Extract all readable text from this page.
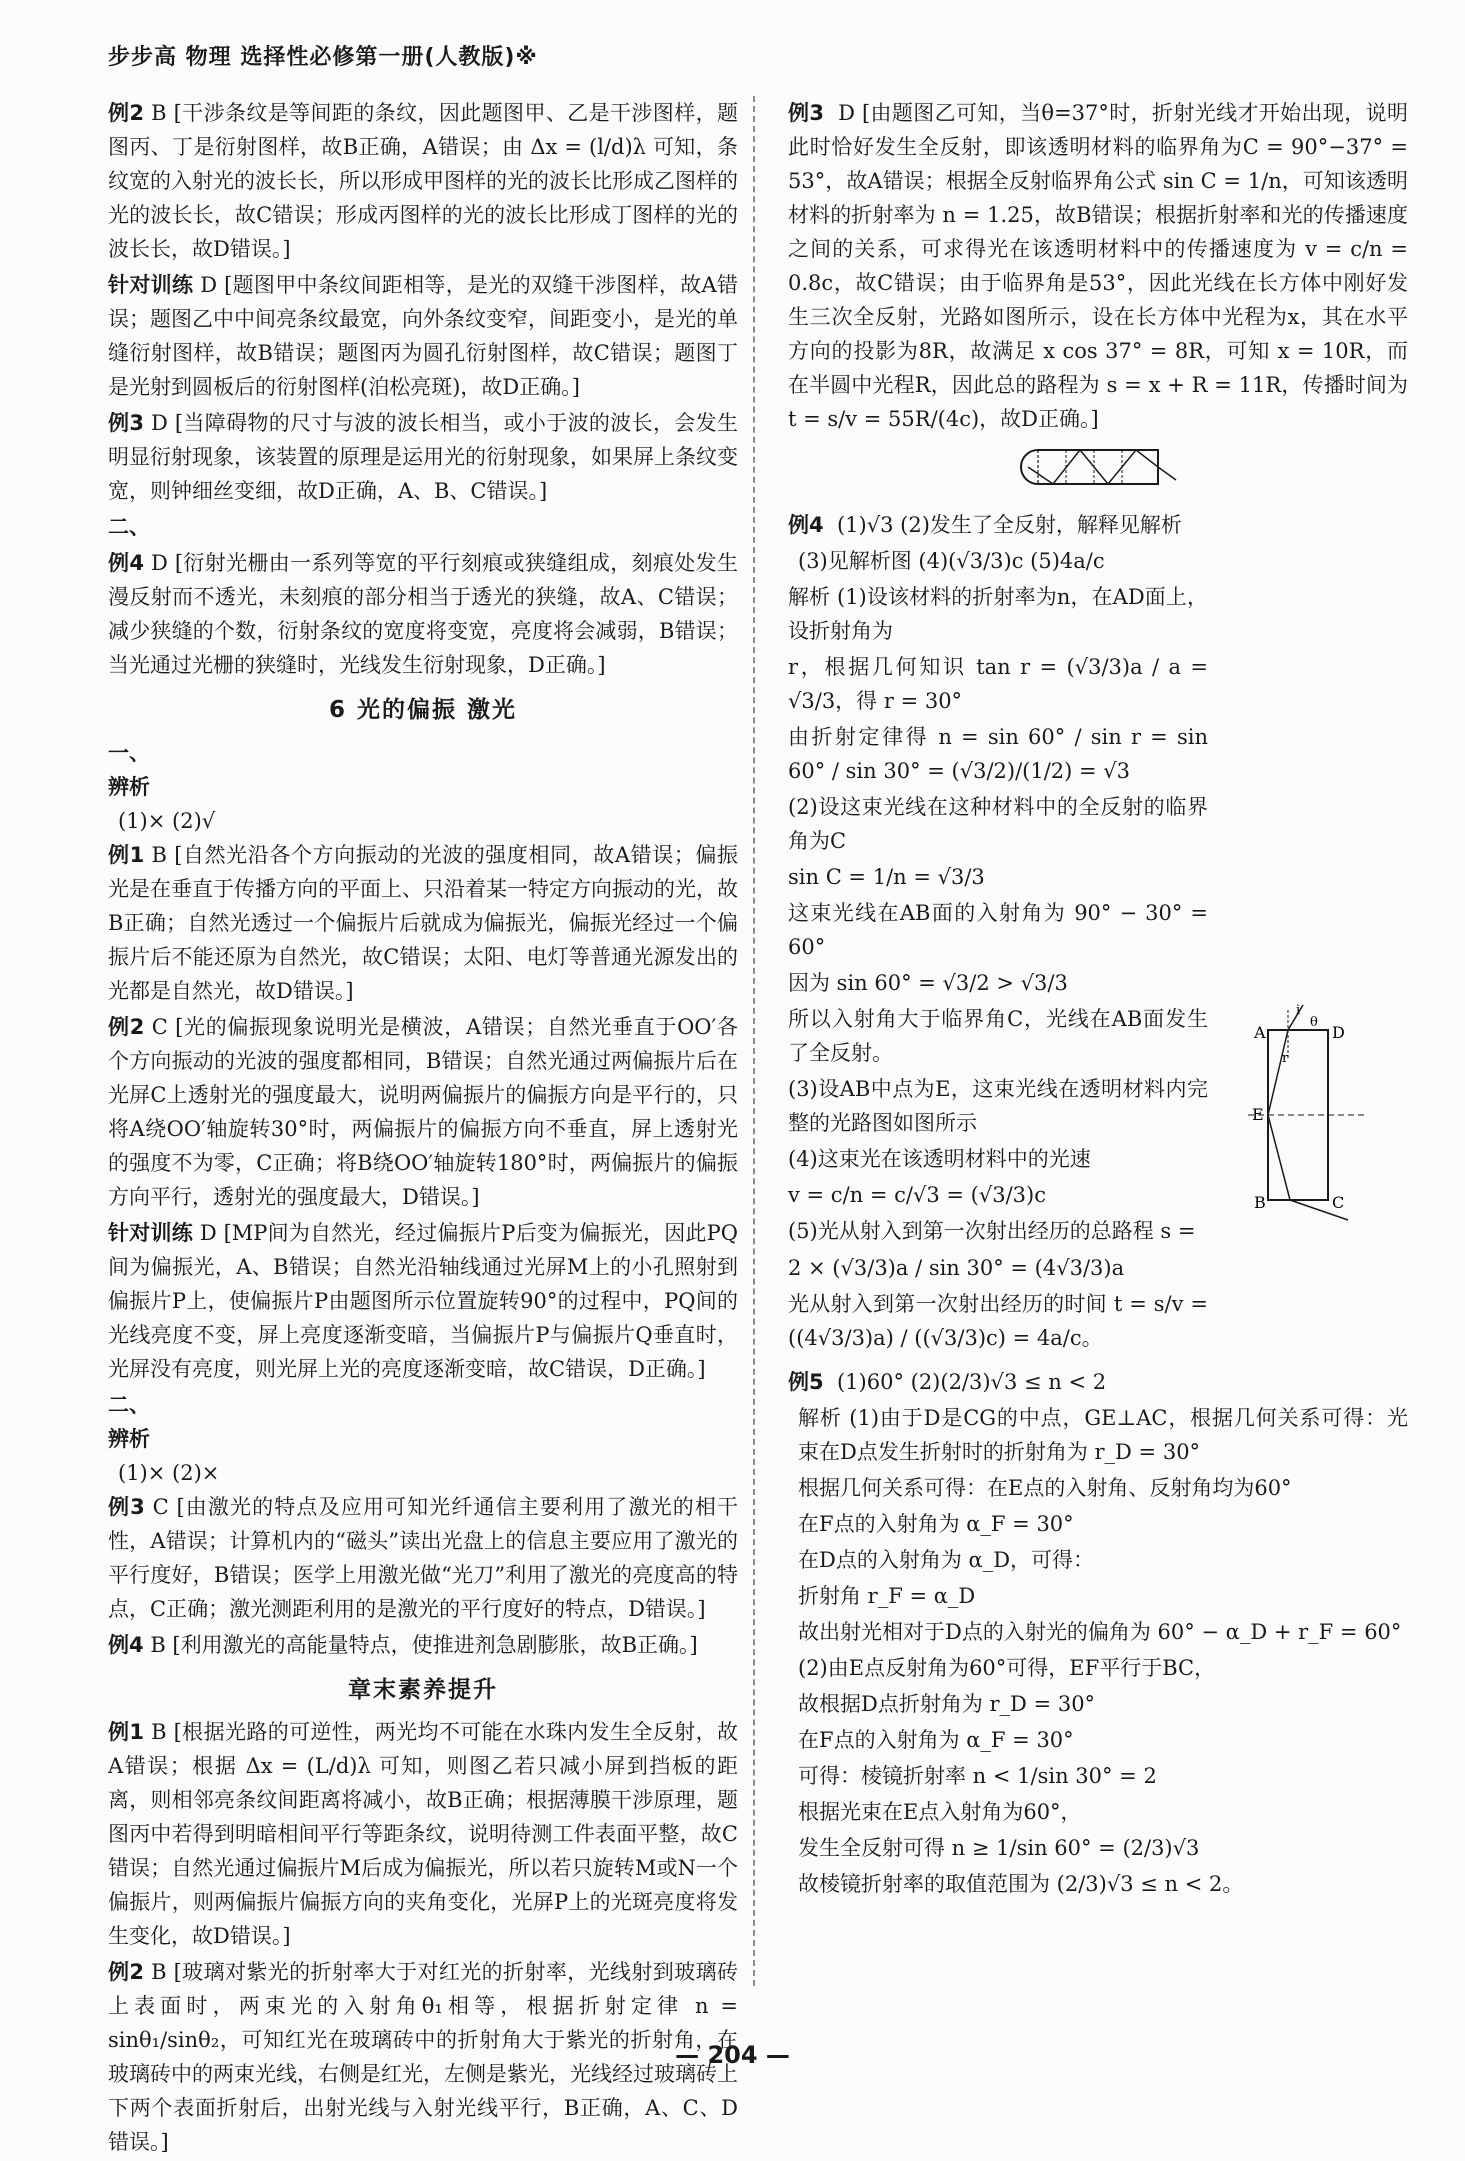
步步高 物理 选择性必修第一册(人教版)※

例2 B [干涉条纹是等间距的条纹，因此题图甲、乙是干涉图样，题图丙、丁是衍射图样，故B正确，A错误；由 Δx = (l/d)λ 可知，条纹宽的入射光的波长长，所以形成甲图样的光的波长比形成乙图样的光的波长长，故C错误；形成丙图样的光的波长比形成丁图样的光的波长长，故D错误。]

针对训练 D [题图甲中条纹间距相等，是光的双缝干涉图样，故A错误；题图乙中中间亮条纹最宽，向外条纹变窄，间距变小，是光的单缝衍射图样，故B错误；题图丙为圆孔衍射图样，故C错误；题图丁是光射到圆板后的衍射图样(泊松亮斑)，故D正确。]

例3 D [当障碍物的尺寸与波的波长相当，或小于波的波长，会发生明显衍射现象，该装置的原理是运用光的衍射现象，如果屏上条纹变宽，则钟细丝变细，故D正确，A、B、C错误。]

二、

例4 D [衍射光栅由一系列等宽的平行刻痕或狭缝组成，刻痕处发生漫反射而不透光，未刻痕的部分相当于透光的狭缝，故A、C错误；减少狭缝的个数，衍射条纹的宽度将变宽，亮度将会减弱，B错误；当光通过光栅的狭缝时，光线发生衍射现象，D正确。]

6 光的偏振 激光
一、
辨析
(1)× (2)√

例1 B [自然光沿各个方向振动的光波的强度相同，故A错误；偏振光是在垂直于传播方向的平面上、只沿着某一特定方向振动的光，故B正确；自然光透过一个偏振片后就成为偏振光，偏振光经过一个偏振片后不能还原为自然光，故C错误；太阳、电灯等普通光源发出的光都是自然光，故D错误。]

例2 C [光的偏振现象说明光是横波，A错误；自然光垂直于OO′各个方向振动的光波的强度都相同，B错误；自然光通过两偏振片后在光屏C上透射光的强度最大，说明两偏振片的偏振方向是平行的，只将A绕OO′轴旋转30°时，两偏振片的偏振方向不垂直，屏上透射光的强度不为零，C正确；将B绕OO′轴旋转180°时，两偏振片的偏振方向平行，透射光的强度最大，D错误。]

针对训练 D [MP间为自然光，经过偏振片P后变为偏振光，因此PQ间为偏振光，A、B错误；自然光沿轴线通过光屏M上的小孔照射到偏振片P上，使偏振片P由题图所示位置旋转90°的过程中，PQ间的光线亮度不变，屏上亮度逐渐变暗，当偏振片P与偏振片Q垂直时，光屏没有亮度，则光屏上光的亮度逐渐变暗，故C错误，D正确。]

二、
辨析
(1)× (2)×

例3 C [由激光的特点及应用可知光纤通信主要利用了激光的相干性，A错误；计算机内的“磁头”读出光盘上的信息主要应用了激光的平行度好，B错误；医学上用激光做“光刀”利用了激光的亮度高的特点，C正确；激光测距利用的是激光的平行度好的特点，D错误。]

例4 B [利用激光的高能量特点，使推进剂急剧膨胀，故B正确。]

章末素养提升

例1 B [根据光路的可逆性，两光均不可能在水珠内发生全反射，故A错误；根据 Δx = (L/d)λ 可知，则图乙若只减小屏到挡板的距离，则相邻亮条纹间距离将减小，故B正确；根据薄膜干涉原理，题图丙中若得到明暗相间平行等距条纹，说明待测工件表面平整，故C错误；自然光通过偏振片M后成为偏振光，所以若只旋转M或N一个偏振片，则两偏振片偏振方向的夹角变化，光屏P上的光斑亮度将发生变化，故D错误。]

例2 B [玻璃对紫光的折射率大于对红光的折射率，光线射到玻璃砖上表面时，两束光的入射角θ₁相等，根据折射定律 n = sinθ₁/sinθ₂，可知红光在玻璃砖中的折射角大于紫光的折射角，在玻璃砖中的两束光线，右侧是红光，左侧是紫光，光线经过玻璃砖上下两个表面折射后，出射光线与入射光线平行，B正确，A、C、D错误。]

例3 D [由题图乙可知，当θ=37°时，折射光线才开始出现，说明此时恰好发生全反射，即该透明材料的临界角为C = 90°−37° = 53°，故A错误；根据全反射临界角公式 sin C = 1/n，可知该透明材料的折射率为 n = 1.25，故B错误；根据折射率和光的传播速度之间的关系，可求得光在该透明材料中的传播速度为 v = c/n = 0.8c，故C错误；由于临界角是53°，因此光线在长方体中刚好发生三次全反射，光路如图所示，设在长方体中光程为x，其在水平方向的投影为8R，故满足 x cos 37° = 8R，可知 x = 10R，而在半圆中光程R，因此总的路程为 s = x + R = 11R，传播时间为 t = s/v = 55R/(4c)，故D正确。]

例4 (1)√3 (2)发生了全反射，解释见解析

(3)见解析图 (4)(√3/3)c (5)4a/c

解析 (1)设该材料的折射率为n，在AD面上，设折射角为

r，根据几何知识 tan r = (√3/3)a / a = √3/3，得 r = 30°

由折射定律得 n = sin 60° / sin r = sin 60° / sin 30° = (√3/2)/(1/2) = √3

(2)设这束光线在这种材料中的全反射的临界角为C

sin C = 1/n = √3/3

这束光线在AB面的入射角为 90° − 30° = 60°

因为 sin 60° = √3/2 > √3/3

所以入射角大于临界角C，光线在AB面发生了全反射。

(3)设AB中点为E，这束光线在透明材料内完整的光路图如图所示

(4)这束光在该透明材料中的光速

v = c/n = c/√3 = (√3/3)c

(5)光从射入到第一次射出经历的总路程 s =

2 × (√3/3)a / sin 30° = (4√3/3)a

光从射入到第一次射出经历的时间 t = s/v = ((4√3/3)a) / ((√3/3)c) = 4a/c。

A	D
E
B	C
i
θ
r

例5 (1)60° (2)(2/3)√3 ≤ n < 2

解析 (1)由于D是CG的中点，GE⊥AC，根据几何关系可得：光束在D点发生折射时的折射角为 r_D = 30°

根据几何关系可得：在E点的入射角、反射角均为60°

在F点的入射角为 α_F = 30°

在D点的入射角为 α_D，可得：

折射角 r_F = α_D

故出射光相对于D点的入射光的偏角为 60° − α_D + r_F = 60°

(2)由E点反射角为60°可得，EF平行于BC，

故根据D点折射角为 r_D = 30°

在F点的入射角为 α_F = 30°

可得：棱镜折射率 n < 1/sin 30° = 2

根据光束在E点入射角为60°，

发生全反射可得 n ≥ 1/sin 60° = (2/3)√3

故棱镜折射率的取值范围为 (2/3)√3 ≤ n < 2。

— 204 —
